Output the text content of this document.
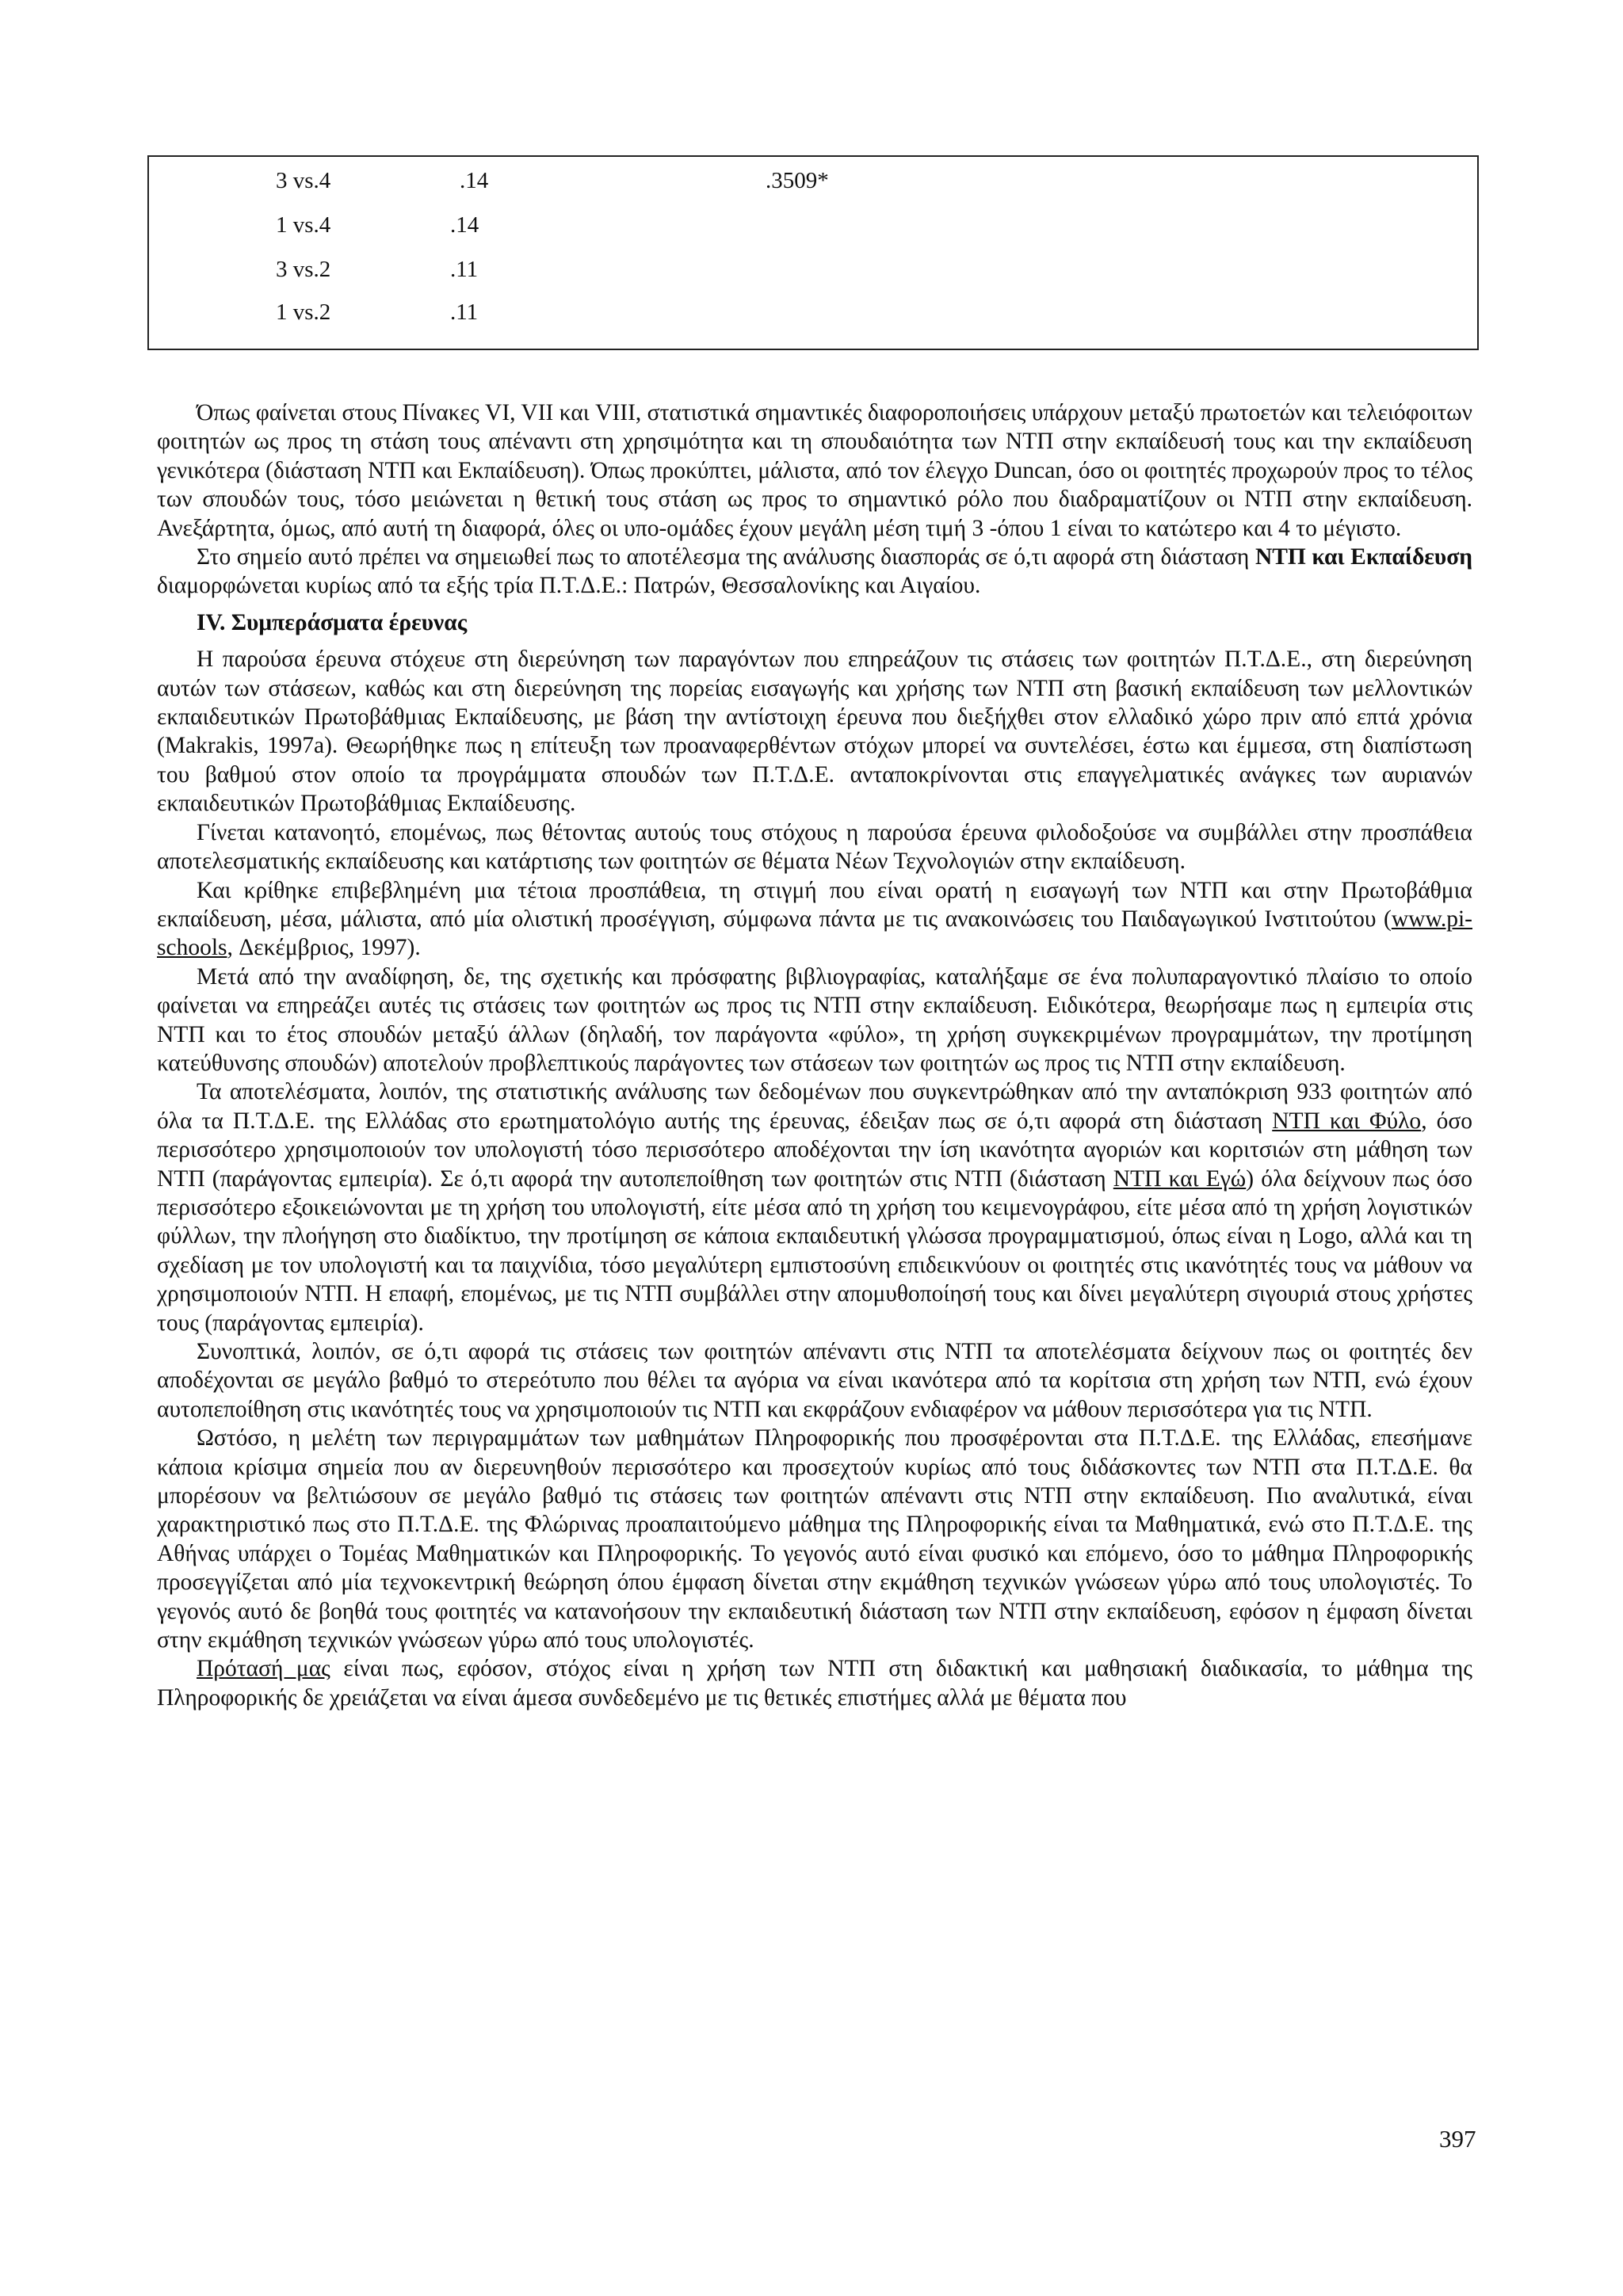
3 vs.4	.14	.3509*
1 vs.4	.14
3 vs.2	.11
1 vs.2	.11

Όπως φαίνεται στους Πίνακες VI, VII και VIII, στατιστικά σημαντικές διαφοροποιήσεις υπάρχουν μεταξύ πρωτοετών και τελειόφοιτων φοιτητών ως προς τη στάση τους απέναντι στη χρησιμότητα και τη σπουδαιότητα των ΝΤΠ στην εκπαίδευσή τους και την εκπαίδευση γενικότερα (διάσταση ΝΤΠ και Εκπαίδευση). Όπως προκύπτει, μάλιστα, από τον έλεγχο Duncan, όσο οι φοιτητές προχωρούν προς το τέλος των σπουδών τους, τόσο μειώνεται η θετική τους στάση ως προς το σημαντικό ρόλο που διαδραματίζουν οι ΝΤΠ στην εκπαίδευση. Ανεξάρτητα, όμως, από αυτή τη διαφορά, όλες οι υπο-ομάδες έχουν μεγάλη μέση τιμή 3 -όπου 1 είναι το κατώτερο και 4 το μέγιστο.

Στο σημείο αυτό πρέπει να σημειωθεί πως το αποτέλεσμα της ανάλυσης διασποράς σε ό,τι αφορά στη διάσταση ΝΤΠ και Εκπαίδευση διαμορφώνεται κυρίως από τα εξής τρία Π.Τ.Δ.Ε.: Πατρών, Θεσσαλονίκης και Αιγαίου.

IV. Συμπεράσματα έρευνας

Η παρούσα έρευνα στόχευε στη διερεύνηση των παραγόντων που επηρεάζουν τις στάσεις των φοιτητών Π.Τ.Δ.Ε., στη διερεύνηση αυτών των στάσεων, καθώς και στη διερεύνηση της πορείας εισαγωγής και χρήσης των ΝΤΠ στη βασική εκπαίδευση των μελλοντικών εκπαιδευτικών Πρωτοβάθμιας Εκπαίδευσης, με βάση την αντίστοιχη έρευνα που διεξήχθει στον ελλαδικό χώρο πριν από επτά χρόνια (Makrakis, 1997a). Θεωρήθηκε πως η επίτευξη των προαναφερθέντων στόχων μπορεί να συντελέσει, έστω και έμμεσα, στη διαπίστωση του βαθμού στον οποίο τα προγράμματα σπουδών των Π.Τ.Δ.Ε. ανταποκρίνονται στις επαγγελματικές ανάγκες των αυριανών εκπαιδευτικών Πρωτοβάθμιας Εκπαίδευσης.

Γίνεται κατανοητό, επομένως, πως θέτοντας αυτούς τους στόχους η παρούσα έρευνα φιλοδοξούσε να συμβάλλει στην προσπάθεια αποτελεσματικής εκπαίδευσης και κατάρτισης των φοιτητών σε θέματα Νέων Τεχνολογιών στην εκπαίδευση.

Και κρίθηκε επιβεβλημένη μια τέτοια προσπάθεια, τη στιγμή που είναι ορατή η εισαγωγή των ΝΤΠ και στην Πρωτοβάθμια εκπαίδευση, μέσα, μάλιστα, από μία ολιστική προσέγγιση, σύμφωνα πάντα με τις ανακοινώσεις του Παιδαγωγικού Ινστιτούτου (www.pi-schools, Δεκέμβριος, 1997).

Μετά από την αναδίφηση, δε, της σχετικής και πρόσφατης βιβλιογραφίας, καταλήξαμε σε ένα πολυπαραγοντικό πλαίσιο το οποίο φαίνεται να επηρεάζει αυτές τις στάσεις των φοιτητών ως προς τις ΝΤΠ στην εκπαίδευση. Ειδικότερα, θεωρήσαμε πως η εμπειρία στις ΝΤΠ και το έτος σπουδών μεταξύ άλλων (δηλαδή, τον παράγοντα «φύλο», τη χρήση συγκεκριμένων προγραμμάτων, την προτίμηση κατεύθυνσης σπουδών) αποτελούν προβλεπτικούς παράγοντες των στάσεων των φοιτητών ως προς τις ΝΤΠ στην εκπαίδευση.

Τα αποτελέσματα, λοιπόν, της στατιστικής ανάλυσης των δεδομένων που συγκεντρώθηκαν από την ανταπόκριση 933 φοιτητών από όλα τα Π.Τ.Δ.Ε. της Ελλάδας στο ερωτηματολόγιο αυτής της έρευνας, έδειξαν πως σε ό,τι αφορά στη διάσταση ΝΤΠ και Φύλο, όσο περισσότερο χρησιμοποιούν τον υπολογιστή τόσο περισσότερο αποδέχονται την ίση ικανότητα αγοριών και κοριτσιών στη μάθηση των ΝΤΠ (παράγοντας εμπειρία). Σε ό,τι αφορά την αυτοπεποίθηση των φοιτητών στις ΝΤΠ (διάσταση ΝΤΠ και Εγώ) όλα δείχνουν πως όσο περισσότερο εξοικειώνονται με τη χρήση του υπολογιστή, είτε μέσα από τη χρήση του κειμενογράφου, είτε μέσα από τη χρήση λογιστικών φύλλων, την πλοήγηση στο διαδίκτυο, την προτίμηση σε κάποια εκπαιδευτική γλώσσα προγραμματισμού, όπως είναι η Logo, αλλά και τη σχεδίαση με τον υπολογιστή και τα παιχνίδια, τόσο μεγαλύτερη εμπιστοσύνη επιδεικνύουν οι φοιτητές στις ικανότητές τους να μάθουν να χρησιμοποιούν ΝΤΠ. Η επαφή, επομένως, με τις ΝΤΠ συμβάλλει στην απομυθοποίησή τους και δίνει μεγαλύτερη σιγουριά στους χρήστες τους (παράγοντας εμπειρία).

Συνοπτικά, λοιπόν, σε ό,τι αφορά τις στάσεις των φοιτητών απέναντι στις ΝΤΠ τα αποτελέσματα δείχνουν πως οι φοιτητές δεν αποδέχονται σε μεγάλο βαθμό το στερεότυπο που θέλει τα αγόρια να είναι ικανότερα από τα κορίτσια στη χρήση των ΝΤΠ, ενώ έχουν αυτοπεποίθηση στις ικανότητές τους να χρησιμοποιούν τις ΝΤΠ και εκφράζουν ενδιαφέρον να μάθουν περισσότερα για τις ΝΤΠ.

Ωστόσο, η μελέτη των περιγραμμάτων των μαθημάτων Πληροφορικής που προσφέρονται στα Π.Τ.Δ.Ε. της Ελλάδας, επεσήμανε κάποια κρίσιμα σημεία που αν διερευνηθούν περισσότερο και προσεχτούν κυρίως από τους διδάσκοντες των ΝΤΠ στα Π.Τ.Δ.Ε. θα μπορέσουν να βελτιώσουν σε μεγάλο βαθμό τις στάσεις των φοιτητών απέναντι στις ΝΤΠ στην εκπαίδευση. Πιο αναλυτικά, είναι χαρακτηριστικό πως στο Π.Τ.Δ.Ε. της Φλώρινας προαπαιτούμενο μάθημα της Πληροφορικής είναι τα Μαθηματικά, ενώ στο Π.Τ.Δ.Ε. της Αθήνας υπάρχει ο Τομέας Μαθηματικών και Πληροφορικής. Το γεγονός αυτό είναι φυσικό και επόμενο, όσο το μάθημα Πληροφορικής προσεγγίζεται από μία τεχνοκεντρική θεώρηση όπου έμφαση δίνεται στην εκμάθηση τεχνικών γνώσεων γύρω από τους υπολογιστές. Το γεγονός αυτό δε βοηθά τους φοιτητές να κατανοήσουν την εκπαιδευτική διάσταση των ΝΤΠ στην εκπαίδευση, εφόσον η έμφαση δίνεται στην εκμάθηση τεχνικών γνώσεων γύρω από τους υπολογιστές.

Πρότασή μας είναι πως, εφόσον, στόχος είναι η χρήση των ΝΤΠ στη διδακτική και μαθησιακή διαδικασία, το μάθημα της Πληροφορικής δε χρειάζεται να είναι άμεσα συνδεδεμένο με τις θετικές επιστήμες αλλά με θέματα που

397
